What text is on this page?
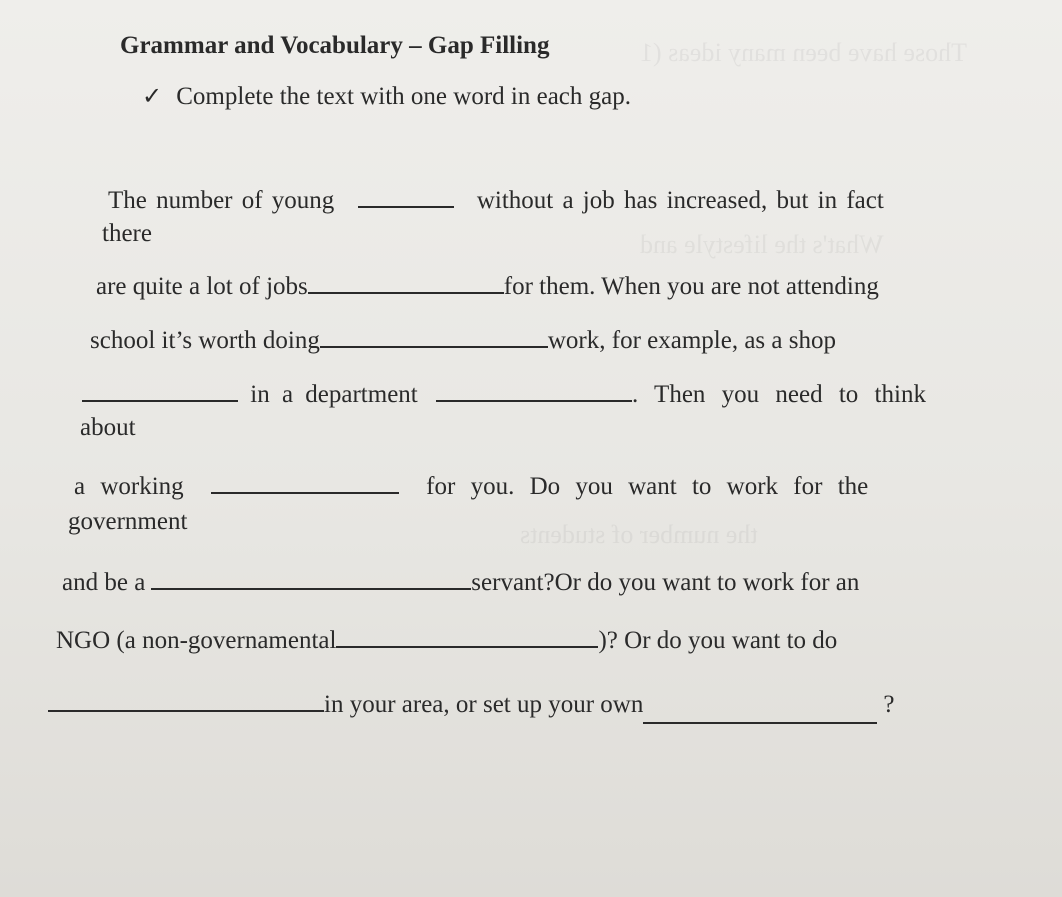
Those have been many ideas (1
What's the lifestyle and
the number of students
Grammar and Vocabulary – Gap Filling
✓ Complete the text with one word in each gap.
The number of young	without a job has increased, but in fact
there
are quite a lot of jobs	for them. When you are not attending
school it’s worth doing	work, for example, as a shop
in a department	. Then you need to think
about
a working	for you. Do you want to work for the
government
and be a	servant?Or do you want to work for an
NGO (a non-governamental	)? Or do you want to do
in your area, or set up your own	?
